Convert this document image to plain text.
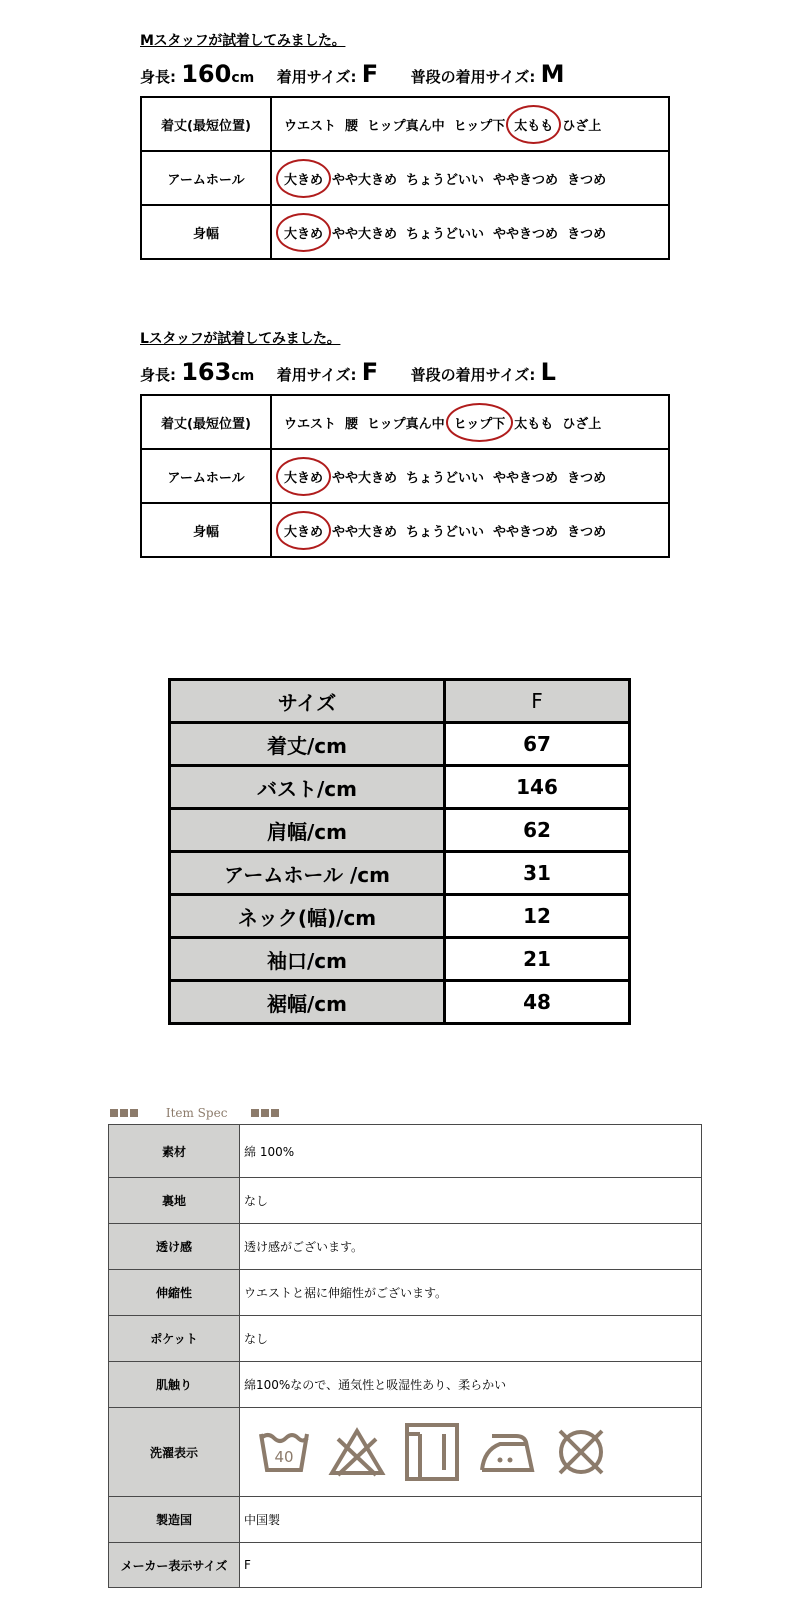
Mスタッフが試着してみました。
身長: 160cm 着用サイズ: F 普段の着用サイズ: M
着丈(最短位置)	ウエスト 腰 ヒップ真ん中 ヒップ下 太もも ひざ上
アームホール	大きめ やや大きめ ちょうどいい ややきつめ きつめ
身幅	大きめ やや大きめ ちょうどいい ややきつめ きつめ
Lスタッフが試着してみました。
身長: 163cm 着用サイズ: F 普段の着用サイズ: L
着丈(最短位置)	ウエスト 腰 ヒップ真ん中 ヒップ下 太もも ひざ上
アームホール	大きめ やや大きめ ちょうどいい ややきつめ きつめ
身幅	大きめ やや大きめ ちょうどいい ややきつめ きつめ
サイズ	F
着丈/cm	67
バスト/cm	146
肩幅/cm	62
アームホール /cm	31
ネック(幅)/cm	12
袖口/cm	21
裾幅/cm	48
Item Spec
素材	綿 100%
裏地	なし
透け感	透け感がございます。
伸縮性	ウエストと裾に伸縮性がございます。
ポケット	なし
肌触り	綿100%なので、通気性と吸湿性あり、柔らかい
洗濯表示	40

製造国	中国製
メーカー表示サイズ	F
